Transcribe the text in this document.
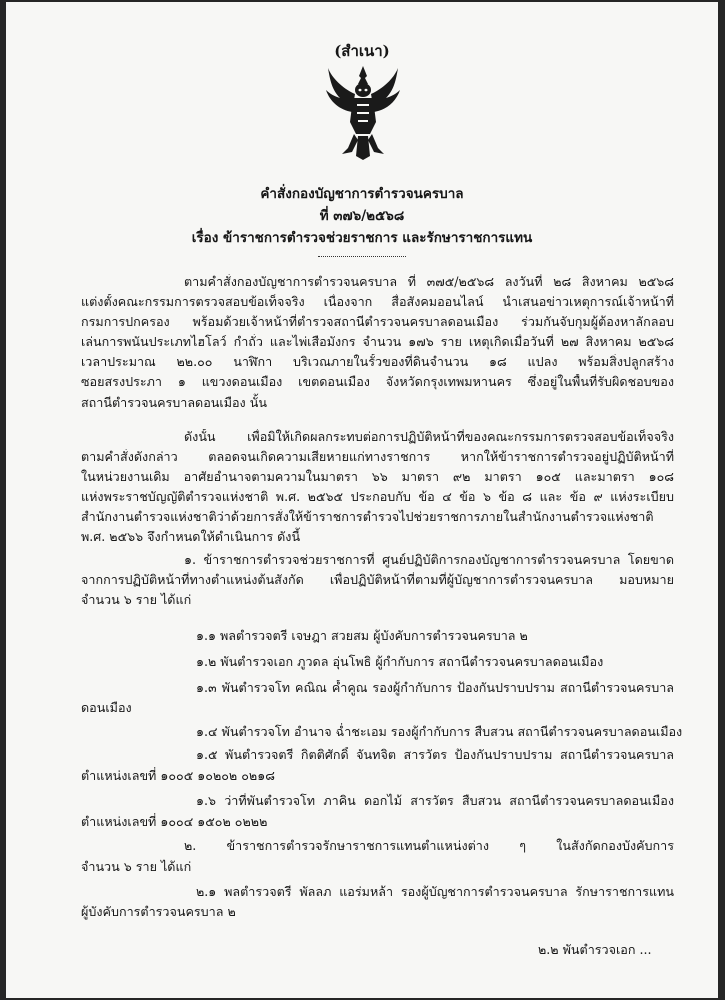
(สำเนา)
คำสั่งกองบัญชาการตำรวจนครบาล
ที่ ๓๗๖/๒๕๖๘
เรื่อง ข้าราชการตำรวจช่วยราชการ และรักษาราชการแทน
ตามคำสั่งกองบัญชาการตำรวจนครบาล ที่ ๓๗๕/๒๕๖๘ ลงวันที่ ๒๘ สิงหาคม ๒๕๖๘
แต่งตั้งคณะกรรมการตรวจสอบข้อเท็จจริง เนื่องจาก สื่อสังคมออนไลน์ นำเสนอข่าวเหตุการณ์เจ้าหน้าที่
กรมการปกครอง พร้อมด้วยเจ้าหน้าที่ตำรวจสถานีตำรวจนครบาลดอนเมือง ร่วมกันจับกุมผู้ต้องหาลักลอบ
เล่นการพนันประเภทไฮโลว์ กำถั่ว และไพ่เสือมังกร จำนวน ๑๗๖ ราย เหตุเกิดเมื่อวันที่ ๒๗ สิงหาคม ๒๕๖๘
เวลาประมาณ ๒๒.๐๐ นาฬิกา บริเวณภายในรั้วของที่ดินจำนวน ๑๘ แปลง พร้อมสิ่งปลูกสร้าง
ซอยสรงประภา ๑ แขวงดอนเมือง เขตดอนเมือง จังหวัดกรุงเทพมหานคร ซึ่งอยู่ในพื้นที่รับผิดชอบของ
สถานีตำรวจนครบาลดอนเมือง นั้น
ดังนั้น เพื่อมิให้เกิดผลกระทบต่อการปฏิบัติหน้าที่ของคณะกรรมการตรวจสอบข้อเท็จจริง
ตามคำสั่งดังกล่าว ตลอดจนเกิดความเสียหายแก่ทางราชการ หากให้ข้าราชการตำรวจอยู่ปฏิบัติหน้าที่
ในหน่วยงานเดิม อาศัยอำนาจตามความในมาตรา ๖๖ มาตรา ๙๒ มาตรา ๑๐๕ และมาตรา ๑๐๘
แห่งพระราชบัญญัติตำรวจแห่งชาติ พ.ศ. ๒๕๖๕ ประกอบกับ ข้อ ๔ ข้อ ๖ ข้อ ๘ และ ข้อ ๙ แห่งระเบียบ
สำนักงานตำรวจแห่งชาติว่าด้วยการสั่งให้ข้าราชการตำรวจไปช่วยราชการภายในสำนักงานตำรวจแห่งชาติ
พ.ศ. ๒๕๖๖ จึงกำหนดให้ดำเนินการ ดังนี้
๑. ข้าราชการตำรวจช่วยราชการที่ ศูนย์ปฏิบัติการกองบัญชาการตำรวจนครบาล โดยขาด
จากการปฏิบัติหน้าที่ทางตำแหน่งต้นสังกัด เพื่อปฏิบัติหน้าที่ตามที่ผู้บัญชาการตำรวจนครบาล มอบหมาย
จำนวน ๖ ราย ได้แก่
๑.๑ พลตำรวจตรี เจษฎา สวยสม ผู้บังคับการตำรวจนครบาล ๒
๑.๒ พันตำรวจเอก ภูวดล อุ่นโพธิ ผู้กำกับการ สถานีตำรวจนครบาลดอนเมือง
๑.๓ พันตำรวจโท คณิณ ค้ำคูณ รองผู้กำกับการ ป้องกันปราบปราม สถานีตำรวจนครบาล
ดอนเมือง
๑.๔ พันตำรวจโท อำนาจ ฉ่ำชะเอม รองผู้กำกับการ สืบสวน สถานีตำรวจนครบาลดอนเมือง
๑.๕ พันตำรวจตรี กิตติศักดิ์ จันทจิต สารวัตร ป้องกันปราบปราม สถานีตำรวจนครบาล
ตำแหน่งเลขที่ ๑๐๐๕ ๑๐๒๐๒ ๐๒๑๘
๑.๖ ว่าที่พันตำรวจโท ภาคิน ดอกไม้ สารวัตร สืบสวน สถานีตำรวจนครบาลดอนเมือง
ตำแหน่งเลขที่ ๑๐๐๔ ๑๕๐๒ ๐๒๒๒
๒. ข้าราชการตำรวจรักษาราชการแทนตำแหน่งต่าง ๆ ในสังกัดกองบังคับการ
จำนวน ๖ ราย ได้แก่
๒.๑ พลตำรวจตรี พัลลภ แอร่มหล้า รองผู้บัญชาการตำรวจนครบาล รักษาราชการแทน
ผู้บังคับการตำรวจนครบาล ๒
๒.๒ พันตำรวจเอก ...
